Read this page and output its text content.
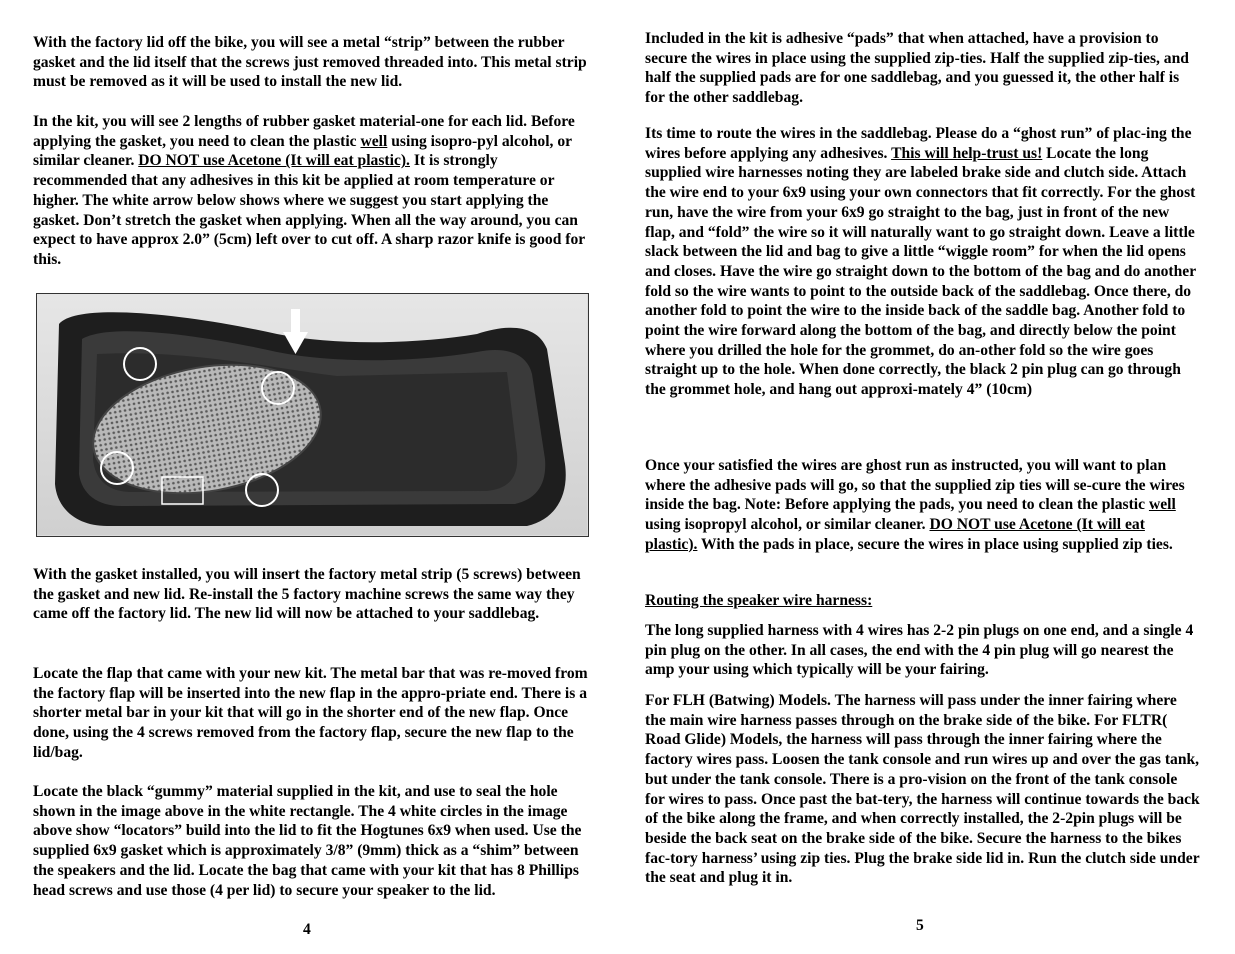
With the factory lid off the bike, you will see a metal “strip” between the rubber gasket and the lid itself that the screws just removed threaded into. This metal strip must be removed as it will be used to install the new lid.

In the kit, you will see 2 lengths of rubber gasket material-one for each lid. Before applying the gasket, you need to clean the plastic well using isopro-pyl alcohol, or similar cleaner. DO NOT use Acetone (It will eat plastic). It is strongly recommended that any adhesives in this kit be applied at room temperature or higher. The white arrow below shows where we suggest you start applying the gasket. Don’t stretch the gasket when applying. When all the way around, you can expect to have approx 2.0” (5cm) left over to cut off. A sharp razor knife is good for this.

With the gasket installed, you will insert the factory metal strip (5 screws) between the gasket and new lid. Re-install the 5 factory machine screws the same way they came off the factory lid. The new lid will now be attached to your saddlebag.

Locate the flap that came with your new kit. The metal bar that was re-moved from the factory flap will be inserted into the new flap in the appro-priate end. There is a shorter metal bar in your kit that will go in the shorter end of the new flap. Once done, using the 4 screws removed from the factory flap, secure the new flap to the lid/bag.

Locate the black “gummy” material supplied in the kit, and use to seal the hole shown in the image above in the white rectangle. The 4 white circles in the image above show “locators” build into the lid to fit the Hogtunes 6x9 when used. Use the supplied 6x9 gasket which is approximately 3/8” (9mm) thick as a “shim” between the speakers and the lid. Locate the bag that came with your kit that has 8 Phillips head screws and use those (4 per lid) to secure your speaker to the lid.

4

Included in the kit is adhesive “pads” that when attached, have a provision to secure the wires in place using the supplied zip-ties. Half the supplied zip-ties, and half the supplied pads are for one saddlebag, and you guessed it, the other half is for the other saddlebag.

Its time to route the wires in the saddlebag. Please do a “ghost run” of plac-ing the wires before applying any adhesives. This will help-trust us! Locate the long supplied wire harnesses noting they are labeled brake side and clutch side. Attach the wire end to your 6x9 using your own connectors that fit correctly. For the ghost run, have the wire from your 6x9 go straight to the bag, just in front of the new flap, and “fold” the wire so it will naturally want to go straight down. Leave a little slack between the lid and bag to give a little “wiggle room” for when the lid opens and closes. Have the wire go straight down to the bottom of the bag and do another fold so the wire wants to point to the outside back of the saddlebag. Once there, do another fold to point the wire to the inside back of the saddle bag. Another fold to point the wire forward along the bottom of the bag, and directly below the point where you drilled the hole for the grommet, do an-other fold so the wire goes straight up to the hole. When done correctly, the black 2 pin plug can go through the grommet hole, and hang out approxi-mately 4” (10cm)

Once your satisfied the wires are ghost run as instructed, you will want to plan where the adhesive pads will go, so that the supplied zip ties will se-cure the wires inside the bag. Note: Before applying the pads, you need to clean the plastic well using isopropyl alcohol, or similar cleaner. DO NOT use Acetone (It will eat plastic). With the pads in place, secure the wires in place using supplied zip ties.

Routing the speaker wire harness:

The long supplied harness with 4 wires has 2-2 pin plugs on one end, and a single 4 pin plug on the other. In all cases, the end with the 4 pin plug will go nearest the amp your using which typically will be your fairing.

For FLH (Batwing) Models. The harness will pass under the inner fairing where the main wire harness passes through on the brake side of the bike. For FLTR( Road Glide) Models, the harness will pass through the inner fairing where the factory wires pass. Loosen the tank console and run wires up and over the gas tank, but under the tank console. There is a pro-vision on the front of the tank console for wires to pass. Once past the bat-tery, the harness will continue towards the back of the bike along the frame, and when correctly installed, the 2-2pin plugs will be beside the back seat on the brake side of the bike. Secure the harness to the bikes fac-tory harness’ using zip ties. Plug the brake side lid in. Run the clutch side under the seat and plug it in.

5
